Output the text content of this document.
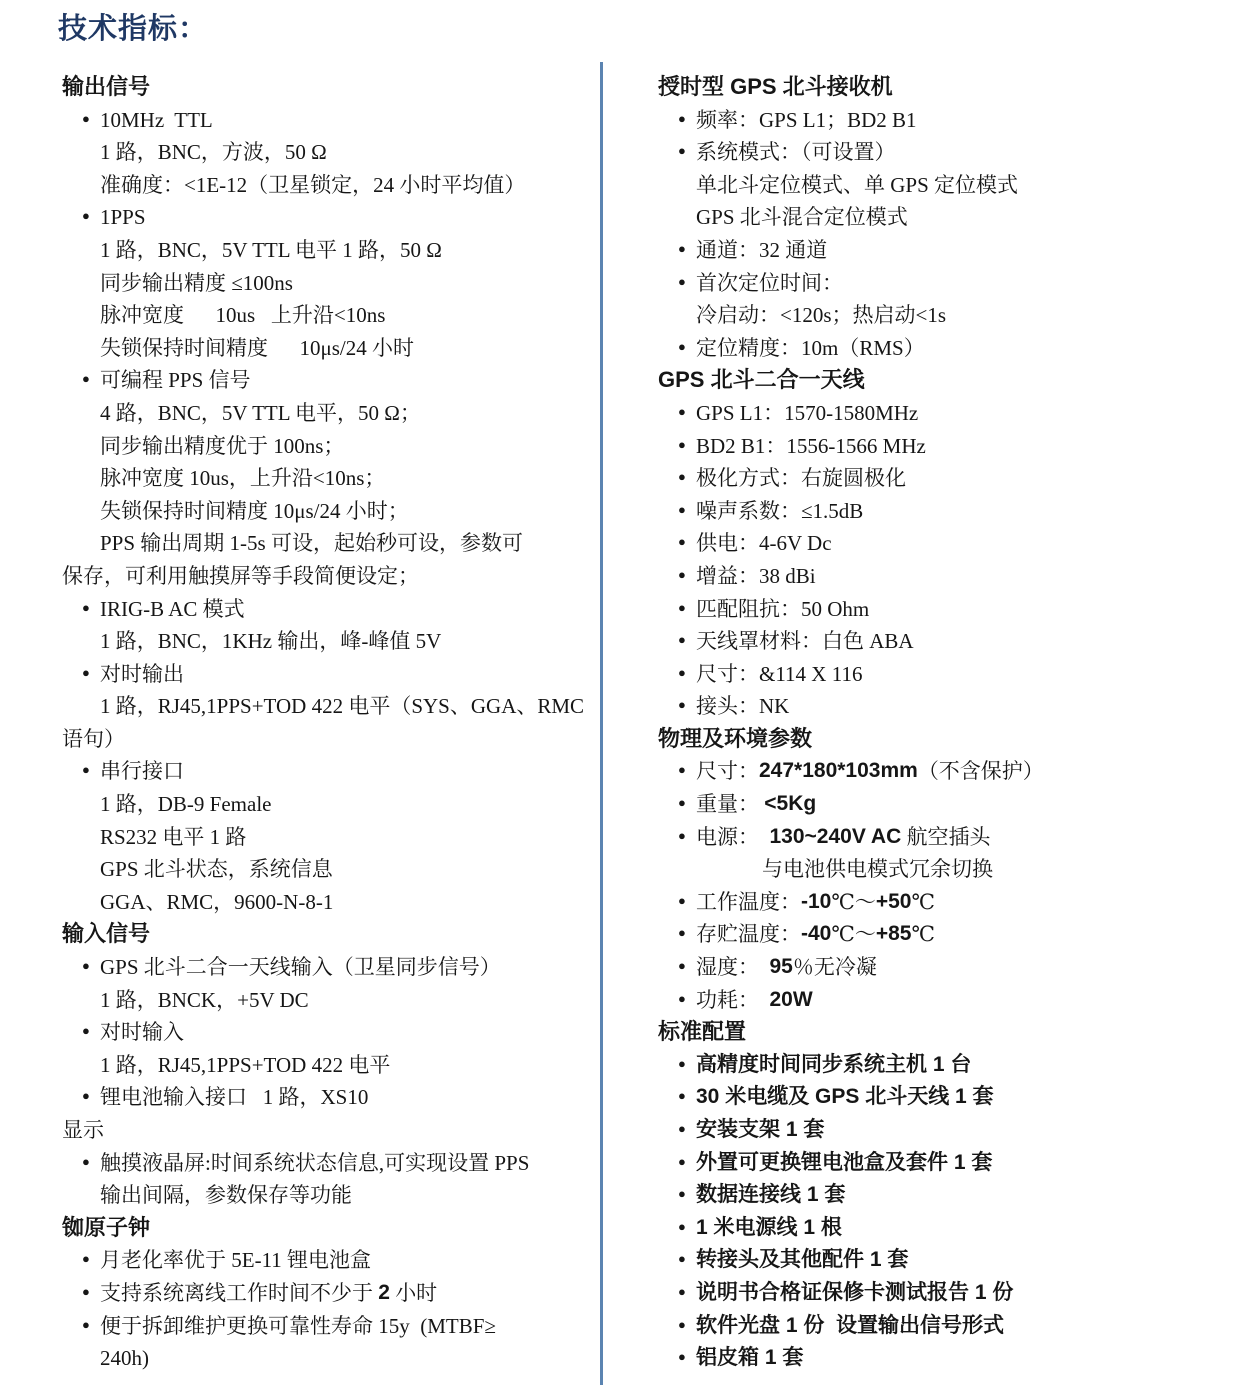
技术指标：
输出信号
● 10MHz  TTL
1 路，BNC，方波，50 Ω
准确度：<1E-12（卫星锁定，24 小时平均值）
● 1PPS
1 路，BNC，5V TTL 电平 1 路，50 Ω
同步输出精度 ≤100ns
脉冲宽度      10us   上升沿<10ns
失锁保持时间精度      10μs/24 小时
● 可编程 PPS 信号
4 路，BNC，5V TTL 电平，50 Ω；
同步输出精度优于 100ns；
脉冲宽度 10us，上升沿<10ns；
失锁保持时间精度 10μs/24 小时；
PPS 输出周期 1-5s 可设，起始秒可设，参数可
保存，可利用触摸屏等手段简便设定；
● IRIG-B AC 模式
1 路，BNC，1KHz 输出，峰-峰值 5V
● 对时输出
1 路，RJ45,1PPS+TOD 422 电平（SYS、GGA、RMC
语句）
● 串行接口
1 路，DB-9 Female
RS232 电平 1 路
GPS 北斗状态，系统信息
GGA、RMC，9600-N-8-1
输入信号
● GPS 北斗二合一天线输入（卫星同步信号）
1 路，BNCK，+5V DC
● 对时输入
1 路，RJ45,1PPS+TOD 422 电平
● 锂电池输入接口   1 路，XS10
显示
● 触摸液晶屏:时间系统状态信息,可实现设置 PPS
输出间隔，参数保存等功能
铷原子钟
● 月老化率优于 5E-11 锂电池盒
● 支持系统离线工作时间不少于 2 小时
● 便于拆卸维护更换可靠性寿命 15y  (MTBF≥
240h)
授时型 GPS 北斗接收机
● 频率：GPS L1；BD2 B1
● 系统模式：（可设置）
单北斗定位模式、单 GPS 定位模式
GPS 北斗混合定位模式
● 通道：32 通道
● 首次定位时间：
冷启动：<120s；热启动<1s
● 定位精度：10m（RMS）
GPS 北斗二合一天线
● GPS L1：1570-1580MHz
● BD2 B1：1556-1566 MHz
● 极化方式：右旋圆极化
● 噪声系数：≤1.5dB
● 供电：4-6V Dc
● 增益：38 dBi
● 匹配阻抗：50 Ohm
● 天线罩材料：白色 ABA
● 尺寸：&114 X 116
● 接头：NK
物理及环境参数
● 尺寸： 247*180*103mm （不含保护）
● 重量： <5Kg
● 电源： 130~240V AC 航空插头
与电池供电模式冗余切换
● 工作温度： -10 ℃～ +50 ℃
● 存贮温度： -40 ℃～ +85 ℃
● 湿度： 95 ％无冷凝
● 功耗： 20W
标准配置
● 高精度时间同步系统主机 1 台
● 30 米电缆及 GPS 北斗天线 1 套
● 安装支架 1 套
● 外置可更换锂电池盒及套件 1 套
● 数据连接线 1 套
● 1 米电源线 1 根
● 转接头及其他配件 1 套
● 说明书合格证保修卡测试报告 1 份
● 软件光盘 1 份  设置输出信号形式
● 铝皮箱 1 套
